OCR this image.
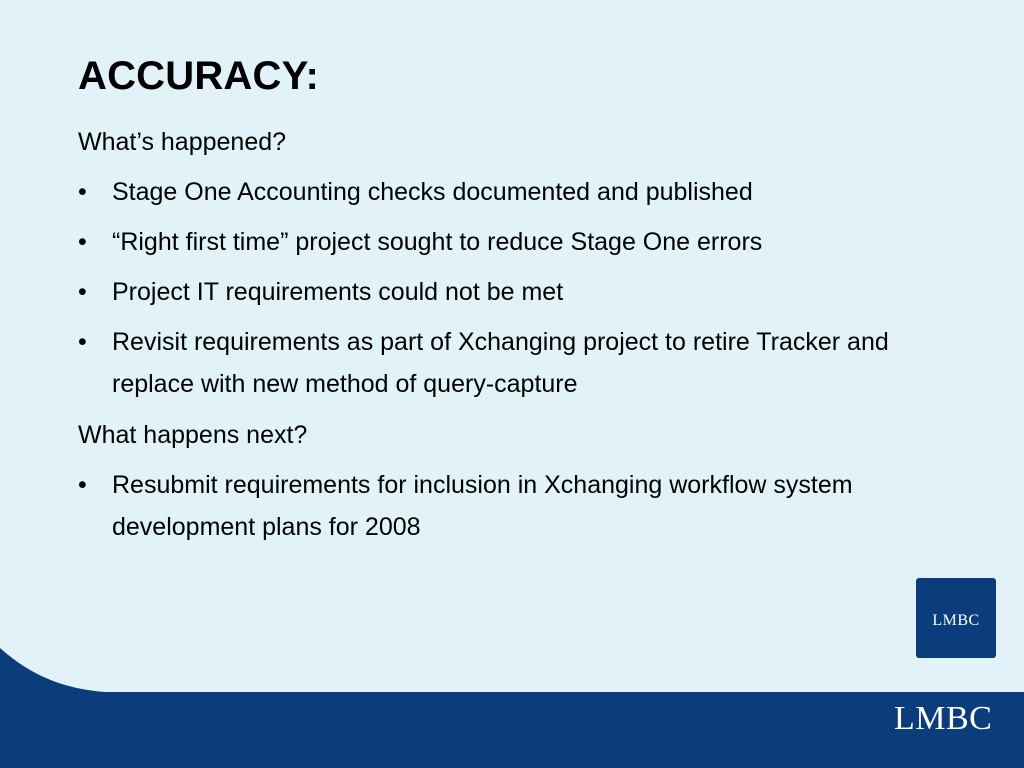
ACCURACY:

What’s happened?

• Stage One Accounting checks documented and published
• “Right first time” project sought to reduce Stage One errors
• Project IT requirements could not be met
• Revisit requirements as part of Xchanging project to retire Tracker and replace with new method of query-capture

What happens next?

• Resubmit requirements for inclusion in Xchanging workflow system development plans for 2008
LMBC
LMBC
